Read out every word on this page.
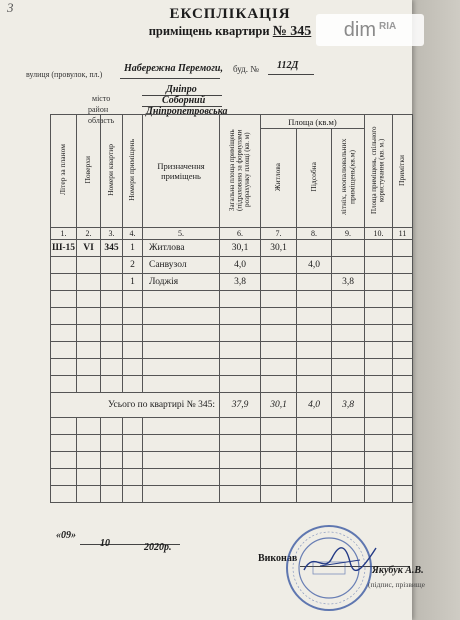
3	ЕКСПЛІКАЦІЯ
приміщень квартири № 345	dim RIA
вулиця (провулок, пл.)
Набережна Перемоги, буд. № 112Д
місто
Дніпро
район
Соборний
область
Дніпропетровська
Літер за планом	Поверхи	Номери квартир	Номери приміщень	Призначення приміщень	Загальна площа приміщень (підрахована за формулами розрахунку площі (кв. м)	Площа (кв.м)			Площа приміщень, спільного користування (кв. м.)	Примітки
						Житлова	Підсобна	літніх, неопалювальних приміщень(кв.м)		
1.	2.	3.	4.	5.	6.	7.	8.	9.	10.	11
Ш-15	VI	345	1	Житлова	30,1	30,1				
			2	Санвузол	4,0		4,0			
			1	Лоджія	3,8			3,8		

Усього по квартирі № 345:					37,9	30,1	4,0	3,8		

«09»
10	2020р.
Виконав
Якубук А.В.
(підпис, прізвище
